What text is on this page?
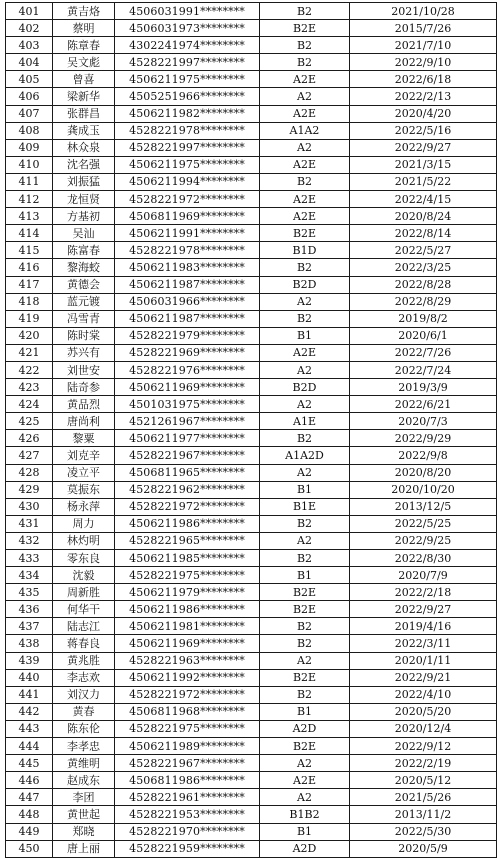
401	黄吉烙	4506031991********	B2	2021/10/28
402	蔡明	4506031973********	B2E	2015/7/26
403	陈章春	4302241974********	B2	2021/7/10
404	吴文彪	4528221997********	B2	2022/9/10
405	曾喜	4506211975********	A2E	2022/6/18
406	梁新华	4505251966********	A2	2022/2/13
407	张群昌	4506211982********	A2E	2020/4/20
408	龚成玉	4528221978********	A1A2	2022/5/16
409	林众泉	4528221997********	A2	2022/9/27
410	沈名强	4506211975********	A2E	2021/3/15
411	刘振猛	4506211994********	B2	2021/5/22
412	龙恒贤	4528221972********	A2E	2022/4/15
413	方基初	4506811969********	A2E	2020/8/24
414	吴汕	4506211991********	B2E	2022/8/14
415	陈富春	4528221978********	B1D	2022/5/27
416	黎海蛟	4506211983********	B2	2022/3/25
417	黄德会	4506211987********	B2D	2022/8/28
418	蓝元镀	4506031966********	A2	2022/8/29
419	冯雪青	4506211987********	B2	2019/8/2
420	陈时棠	4528221979********	B1	2020/6/1
421	苏兴有	4528221969********	A2E	2022/7/26
422	刘世安	4528221976********	A2	2022/7/24
423	陆奇参	4506211969********	B2D	2019/3/9
424	黄品烈	4501031975********	A2	2022/6/21
425	唐尚利	4521261967********	A1E	2020/7/3
426	黎粟	4506211977********	B2	2022/9/29
427	刘克辛	4528221967********	A1A2D	2022/9/8
428	凌立平	4506811965********	A2	2020/8/20
429	莫振东	4528221962********	B1	2020/10/20
430	杨永萍	4528221972********	B1E	2013/12/5
431	周力	4506211986********	B2	2022/5/25
432	林灼明	4528221965********	A2	2022/9/25
433	零东良	4506211985********	B2	2022/8/30
434	沈毅	4528221975********	B1	2020/7/9
435	周新胜	4506211979********	B2E	2022/2/18
436	何华干	4506211986********	B2E	2022/9/27
437	陆志江	4506211981********	B2	2019/4/16
438	蒋春良	4506211969********	B2	2022/3/11
439	黄兆胜	4528221963********	A2	2020/1/11
440	李志欢	4506211992********	B2E	2022/9/21
441	刘汉力	4528221972********	B2	2022/4/10
442	黄春	4506811968********	B1	2020/5/20
443	陈东伦	4528221975********	A2D	2020/12/4
444	李孝忠	4506211989********	B2E	2022/9/12
445	黄维明	4528221967********	A2	2022/2/19
446	赵成东	4506811986********	A2E	2020/5/12
447	李团	4528221961********	A2	2021/5/26
448	黄世起	4528221953********	B1B2	2013/11/2
449	郑晓	4528221970********	B1	2022/5/30
450	唐上丽	4528221959********	A2D	2020/5/9
